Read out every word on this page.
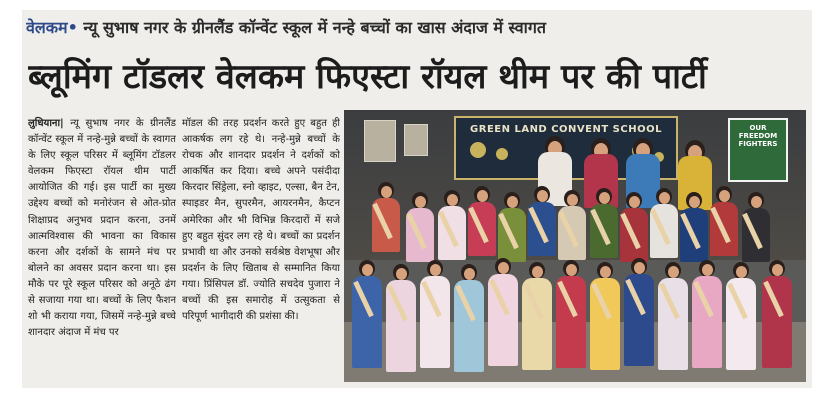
वेलकम• न्यू सुभाष नगर के ग्रीनलैंड कॉन्वेंट स्कूल में नन्हे बच्चों का खास अंदाज में स्वागत
ब्लूमिंग टॉडलर वेलकम फिएस्टा रॉयल थीम पर की पार्टी

लुधियाना| न्यू सुभाष नगर के ग्रीनलैंड कॉन्वेंट स्कूल में नन्हे-मुन्ने बच्चों के स्वागत के लिए स्कूल परिसर में ब्लूमिंग टॉडलर वेलकम फिएस्टा रॉयल थीम पार्टी आयोजित की गई। इस पार्टी का मुख्य उद्देश्य बच्चों को मनोरंजन से ओत-प्रोत शिक्षाप्रद अनुभव प्रदान करना, उनमें आत्मविश्वास की भावना का विकास करना और दर्शकों के सामने मंच पर बोलने का अवसर प्रदान करना था। इस मौके पर पूरे स्कूल परिसर को अनूठे ढंग से सजाया गया था। बच्चों के लिए फैशन शो भी कराया गया, जिसमें नन्हे-मुन्ने बच्चे शानदार अंदाज में मंच पर

मॉडल की तरह प्रदर्शन करते हुए बहुत ही आकर्षक लग रहे थे। नन्हे-मुन्ने बच्चों के रोचक और शानदार प्रदर्शन ने दर्शकों को आकर्षित कर दिया। बच्चे अपने पसंदीदा किरदार सिंड्रेला, स्नो व्हाइट, एल्सा, बैन टेन, स्पाइडर मैन, सुपरमैन, आयरनमैन, कैप्टन अमेरिका और भी विभिन्न किरदारों में सजे हुए बहुत सुंदर लग रहे थे। बच्चों का प्रदर्शन प्रभावी था और उनको सर्वश्रेष्ठ वेशभूषा और प्रदर्शन के लिए खिताब से सम्मानित किया गया। प्रिंसिपल डॉ. ज्योति सचदेव पुजारा ने बच्चों की इस समारोह में उत्सुकता से परिपूर्ण भागीदारी की प्रशंसा की।

GREEN LAND CONVENT SCHOOL	OUR FREEDOM FIGHTERS
